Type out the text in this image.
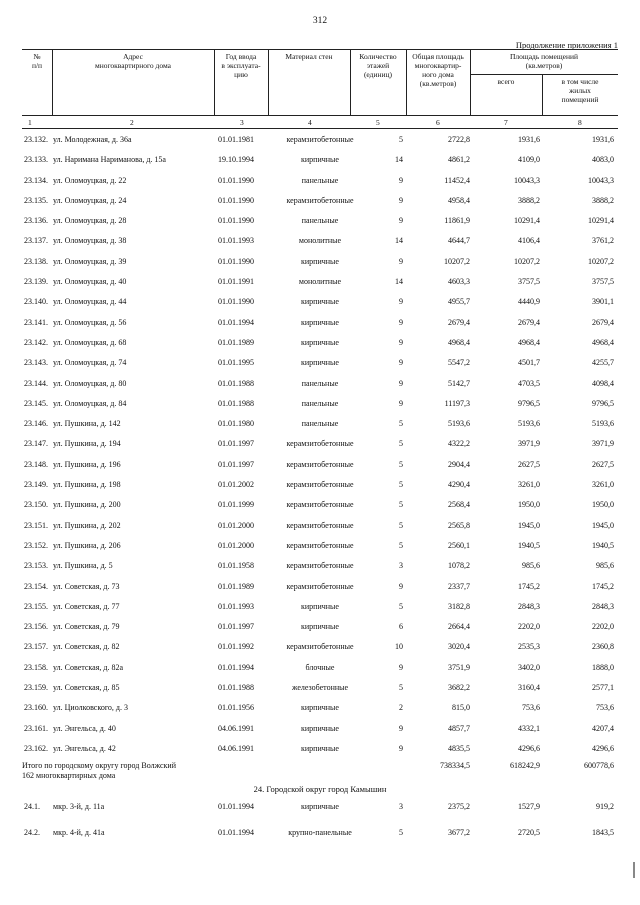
312
Продолжение приложения 1
№
п/п
Адрес
многоквартирного дома
Год ввода
в эксплуата-
цию
Материал стен	Количество
этажей
(единиц)
Общая площадь
многоквартир-
ного дома
(кв.метров)
Площадь помещений
(кв.метров)
всего	в том числе
жилых
помещений
1	2	3	4	5	6	7	8
23.132. ул. Молодежная, д. 36а	01.01.1981	керамзитобетонные	5	2722,8	1931,6	1931,6
23.133. ул. Наримана Нариманова, д. 15а	19.10.1994	кирпичные	14	4861,2	4109,0	4083,0
23.134. ул. Оломоуцкая, д. 22	01.01.1990	панельные	9	11452,4	10043,3	10043,3
23.135. ул. Оломоуцкая, д. 24	01.01.1990	керамзитобетонные	9	4958,4	3888,2	3888,2
23.136. ул. Оломоуцкая, д. 28	01.01.1990	панельные	9	11861,9	10291,4	10291,4
23.137. ул. Оломоуцкая, д. 38	01.01.1993	монолитные	14	4644,7	4106,4	3761,2
23.138. ул. Оломоуцкая, д. 39	01.01.1990	кирпичные	9	10207,2	10207,2	10207,2
23.139. ул. Оломоуцкая, д. 40	01.01.1991	монолитные	14	4603,3	3757,5	3757,5
23.140. ул. Оломоуцкая, д. 44	01.01.1990	кирпичные	9	4955,7	4440,9	3901,1
23.141. ул. Оломоуцкая, д. 56	01.01.1994	кирпичные	9	2679,4	2679,4	2679,4
23.142. ул. Оломоуцкая, д. 68	01.01.1989	кирпичные	9	4968,4	4968,4	4968,4
23.143. ул. Оломоуцкая, д. 74	01.01.1995	кирпичные	9	5547,2	4501,7	4255,7
23.144. ул. Оломоуцкая, д. 80	01.01.1988	панельные	9	5142,7	4703,5	4098,4
23.145. ул. Оломоуцкая, д. 84	01.01.1988	панельные	9	11197,3	9796,5	9796,5
23.146. ул. Пушкина, д. 142	01.01.1980	панельные	5	5193,6	5193,6	5193,6
23.147. ул. Пушкина, д. 194	01.01.1997	керамзитобетонные	5	4322,2	3971,9	3971,9
23.148. ул. Пушкина, д. 196	01.01.1997	керамзитобетонные	5	2904,4	2627,5	2627,5
23.149. ул. Пушкина, д. 198	01.01.2002	керамзитобетонные	5	4290,4	3261,0	3261,0
23.150. ул. Пушкина, д. 200	01.01.1999	керамзитобетонные	5	2568,4	1950,0	1950,0
23.151. ул. Пушкина, д. 202	01.01.2000	керамзитобетонные	5	2565,8	1945,0	1945,0
23.152. ул. Пушкина, д. 206	01.01.2000	керамзитобетонные	5	2560,1	1940,5	1940,5
23.153. ул. Пушкина, д. 5	01.01.1958	керамзитобетонные	3	1078,2	985,6	985,6
23.154. ул. Советская, д. 73	01.01.1989	керамзитобетонные	9	2337,7	1745,2	1745,2
23.155. ул. Советская, д. 77	01.01.1993	кирпичные	5	3182,8	2848,3	2848,3
23.156. ул. Советская, д. 79	01.01.1997	кирпичные	6	2664,4	2202,0	2202,0
23.157. ул. Советская, д. 82	01.01.1992	керамзитобетонные	10	3020,4	2535,3	2360,8
23.158. ул. Советская, д. 82а	01.01.1994	блочные	9	3751,9	3402,0	1888,0
23.159. ул. Советская, д. 85	01.01.1988	железобетонные	5	3682,2	3160,4	2577,1
23.160. ул. Циолковского, д. 3	01.01.1956	кирпичные	2	815,0	753,6	753,6
23.161. ул. Энгельса, д. 40	04.06.1991	кирпичные	9	4857,7	4332,1	4207,4
23.162. ул. Энгельса, д. 42	04.06.1991	кирпичные	9	4835,5	4296,6	4296,6
Итого по городскому округу город Волжский
162 многоквартирных дома
738334,5	618242,9	600778,6
24. Городской округ город Камышин
24.1. мкр. 3-й, д. 11а	01.01.1994	кирпичные	3	2375,2	1527,9	919,2
24.2. мкр. 4-й, д. 41а	01.01.1994	крупно-панельные	5	3677,2	2720,5	1843,5
